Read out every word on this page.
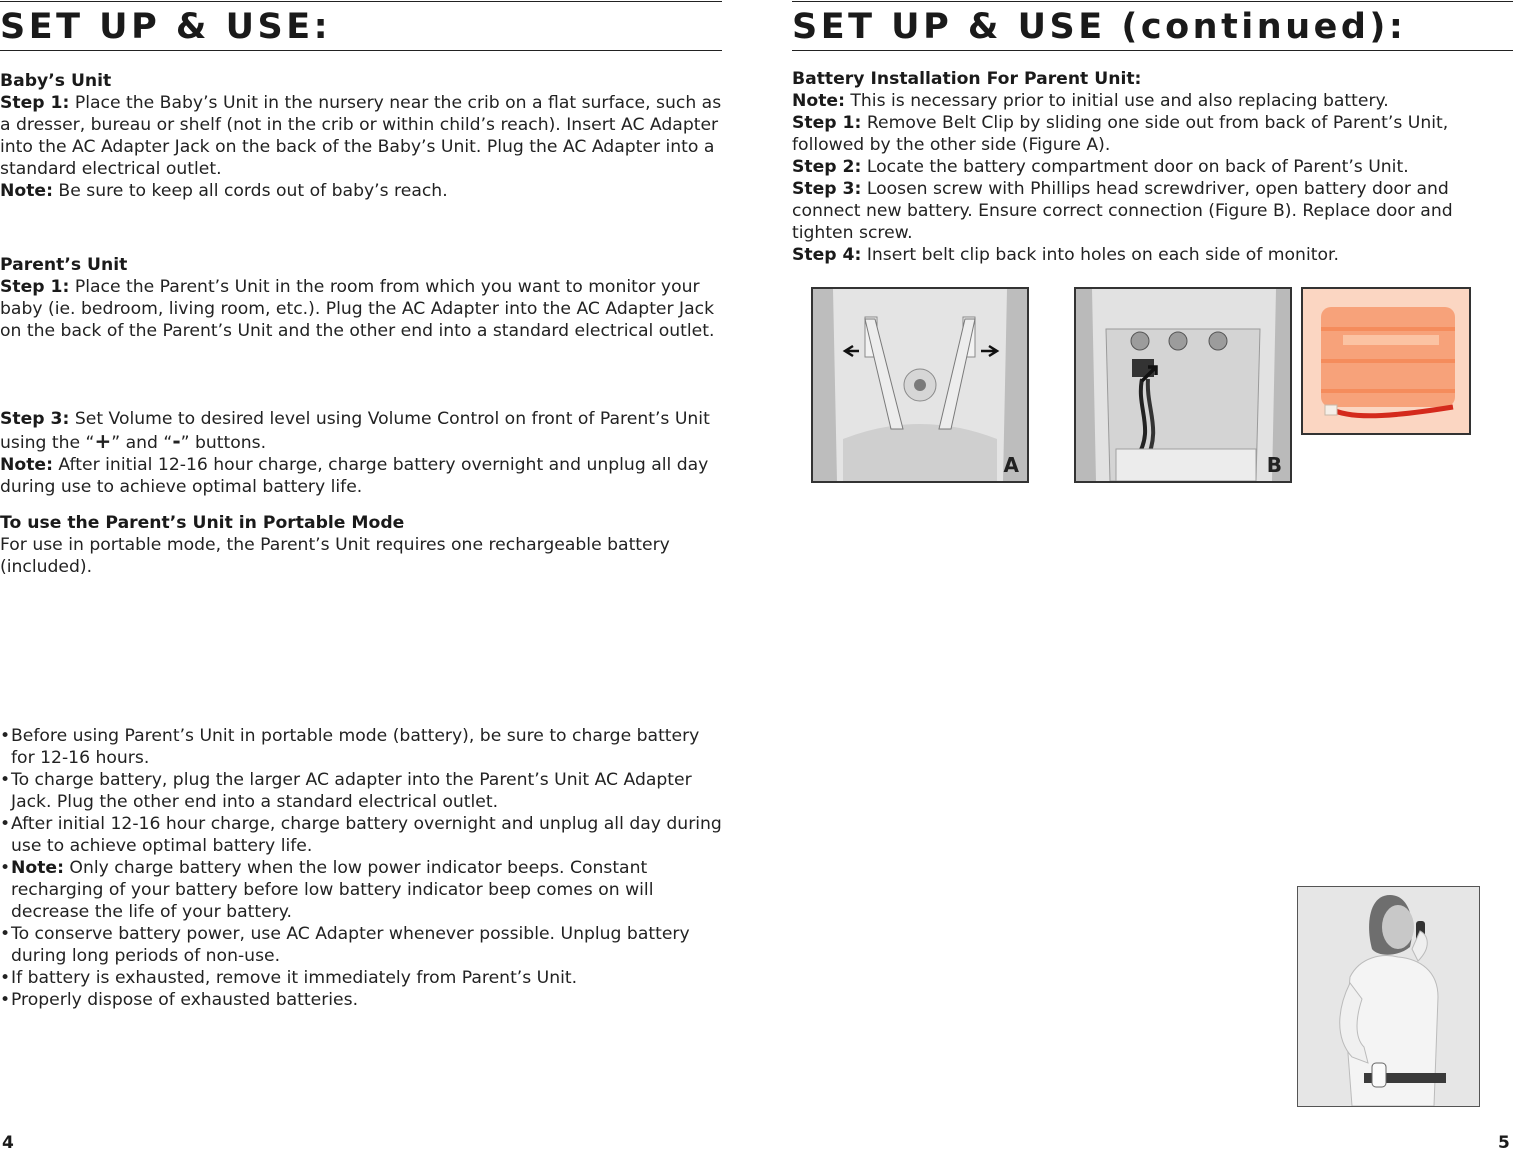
SET UP & USE:

Baby’s Unit
Step 1: Place the Baby’s Unit in the nursery near the crib on a flat surface, such as a dresser, bureau or shelf (not in the crib or within child’s reach). Insert AC Adapter into the AC Adapter Jack on the back of the Baby’s Unit. Plug the AC Adapter into a standard electrical outlet.
Note: Be sure to keep all cords out of baby’s reach.

Parent’s Unit
Step 1: Place the Parent’s Unit in the room from which you want to monitor your baby (ie. bedroom, living room, etc.). Plug the AC Adapter into the AC Adapter Jack on the back of the Parent’s Unit and the other end into a standard electrical outlet.

Step 3: Set Volume to desired level using Volume Control on front of Parent’s Unit using the “+” and “-” buttons.
Note: After initial 12-16 hour charge, charge battery overnight and unplug all day during use to achieve optimal battery life.

To use the Parent’s Unit in Portable Mode
For use in portable mode, the Parent’s Unit requires one rechargeable battery (included).

•Before using Parent’s Unit in portable mode (battery), be sure to charge battery for 12-16 hours.
•To charge battery, plug the larger AC adapter into the Parent’s Unit AC Adapter Jack. Plug the other end into a standard electrical outlet.
•After initial 12-16 hour charge, charge battery overnight and unplug all day during use to achieve optimal battery life.
•Note: Only charge battery when the low power indicator beeps. Constant recharging of your battery before low battery indicator beep comes on will decrease the life of your battery.
•To conserve battery power, use AC Adapter whenever possible. Unplug battery during long periods of non-use.
•If battery is exhausted, remove it immediately from Parent’s Unit.
•Properly dispose of exhausted batteries.
4
SET UP & USE (continued):

Battery Installation For Parent Unit:
Note: This is necessary prior to initial use and also replacing battery.
Step 1: Remove Belt Clip by sliding one side out from back of Parent’s Unit, followed by the other side (Figure A).
Step 2: Locate the battery compartment door on back of Parent’s Unit.
Step 3: Loosen screw with Phillips head screwdriver, open battery door and connect new battery. Ensure correct connection (Figure B). Replace door and tighten screw.
Step 4: Insert belt clip back into holes on each side of monitor.

A	B
5
